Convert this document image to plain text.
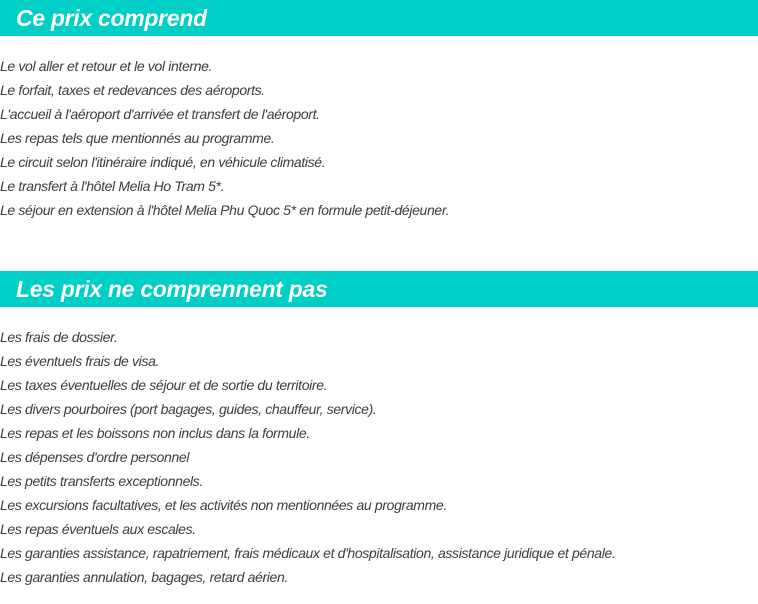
Ce prix comprend
Le vol aller et retour et le vol interne.
Le forfait, taxes et redevances des aéroports.
L'accueil à l'aéroport d'arrivée et transfert de l'aéroport.
Les repas tels que mentionnés au programme.
Le circuit selon l'itinéraire indiqué, en véhicule climatisé.
Le transfert à l'hôtel Melia Ho Tram 5*.
Le séjour en extension à l'hôtel Melia Phu Quoc 5* en formule petit-déjeuner.
Les prix ne comprennent pas
Les frais de dossier.
Les éventuels frais de visa.
Les taxes éventuelles de séjour et de sortie du territoire.
Les divers pourboires (port bagages, guides, chauffeur, service).
Les repas et les boissons non inclus dans la formule.
Les dépenses d'ordre personnel
Les petits transferts exceptionnels.
Les excursions facultatives, et les activités non mentionnées au programme.
Les repas éventuels aux escales.
Les garanties assistance, rapatriement, frais médicaux et d'hospitalisation, assistance juridique et pénale.
Les garanties annulation, bagages, retard aérien.
